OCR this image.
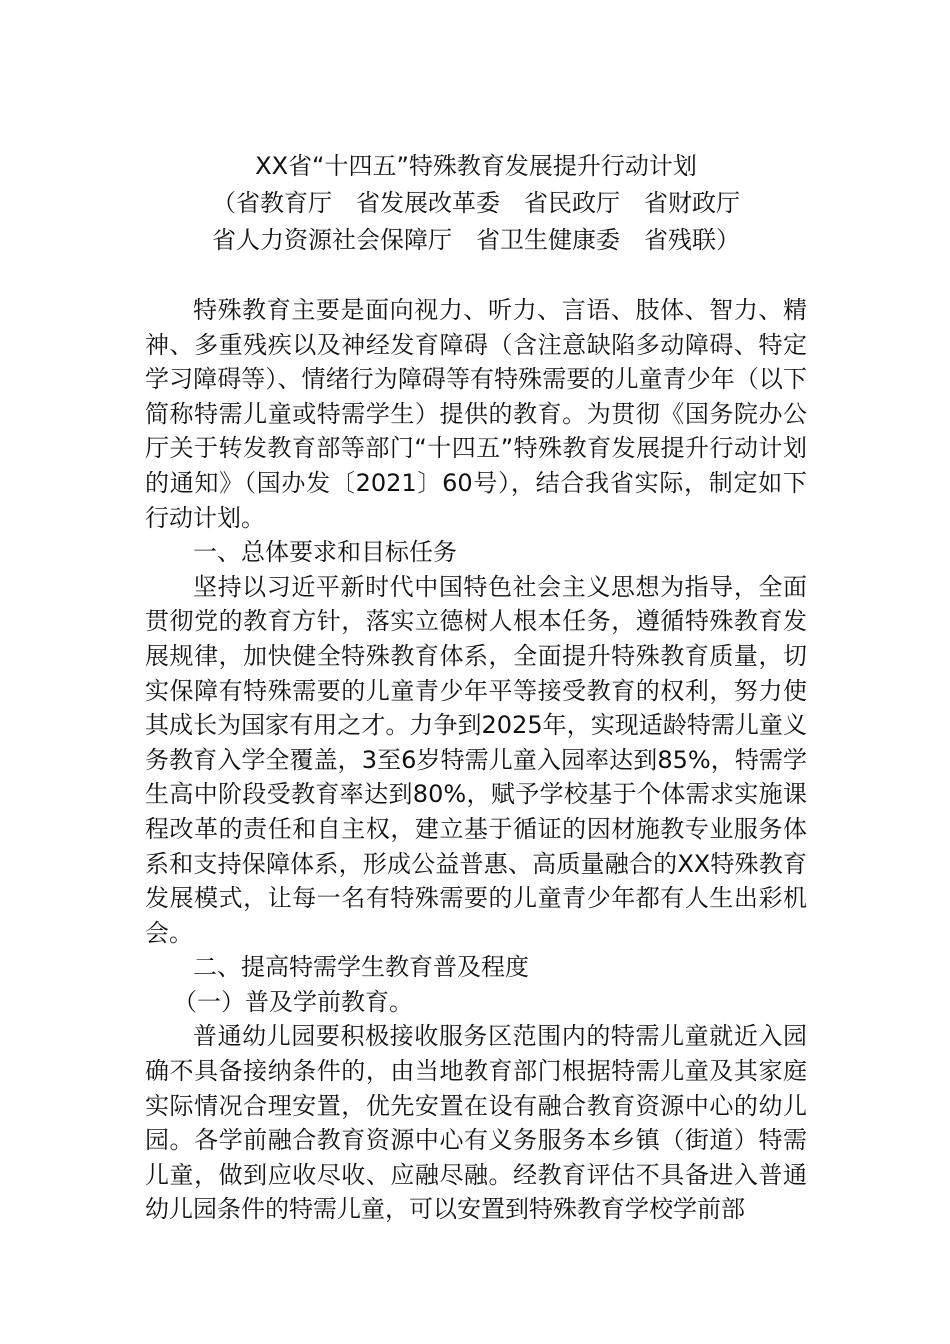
XX省“十四五”特殊教育发展提升行动计划
（省教育厅　省发展改革委　省民政厅　省财政厅
省人力资源社会保障厅　省卫生健康委　省残联）

特殊教育主要是面向视力、听力、言语、肢体、智力、精神、多重残疾以及神经发育障碍（含注意缺陷多动障碍、特定学习障碍等）、情绪行为障碍等有特殊需要的儿童青少年（以下简称特需儿童或特需学生）提供的教育。为贯彻《国务院办公厅关于转发教育部等部门“十四五”特殊教育发展提升行动计划的通知》（国办发〔2021〕60号），结合我省实际，制定如下行动计划。

一、总体要求和目标任务

坚持以习近平新时代中国特色社会主义思想为指导，全面贯彻党的教育方针，落实立德树人根本任务，遵循特殊教育发展规律，加快健全特殊教育体系，全面提升特殊教育质量，切实保障有特殊需要的儿童青少年平等接受教育的权利，努力使其成长为国家有用之才。力争到2025年，实现适龄特需儿童义务教育入学全覆盖，3至6岁特需儿童入园率达到85%，特需学生高中阶段受教育率达到80%，赋予学校基于个体需求实施课程改革的责任和自主权，建立基于循证的因材施教专业服务体系和支持保障体系，形成公益普惠、高质量融合的XX特殊教育发展模式，让每一名有特殊需要的儿童青少年都有人生出彩机会。

二、提高特需学生教育普及程度

（一）普及学前教育。

普通幼儿园要积极接收服务区范围内的特需儿童就近入园确不具备接纳条件的，由当地教育部门根据特需儿童及其家庭实际情况合理安置，优先安置在设有融合教育资源中心的幼儿园。各学前融合教育资源中心有义务服务本乡镇（街道）特需儿童，做到应收尽收、应融尽融。经教育评估不具备进入普通幼儿园条件的特需儿童，可以安置到特殊教育学校学前部
